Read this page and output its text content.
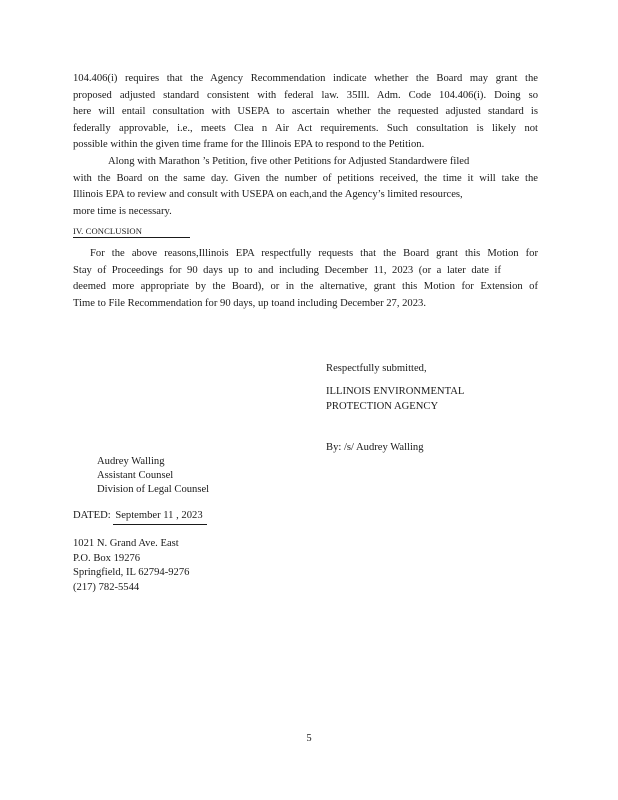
104.406(i) requires that the Agency Recommendation indicate whether the Board may grant the
proposed adjusted standard consistent with federal law. 35Ill. Adm. Code 104.406(i). Doing so
here will entail consultation with USEPA to ascertain whether the requested adjusted standard is
federally approvable, i.e., meets Clea n Air Act requirements. Such consultation is likely not
possible within the given time frame for the Illinois EPA to respond to the Petition.
Along with Marathon ’s Petition, five other Petitions for Adjusted Standardwere filed
with the Board on the same day. Given the number of petitions received, the time it will take the
Illinois EPA to review and consult with USEPA on each,and the Agency’s limited resources,
more time is necessary.
IV. CONCLUSION
For the above reasons,Illinois EPA respectfully requests that the Board grant this Motion for
Stay of Proceedings for 90 days up to and including December 11, 2023 (or a later date if
deemed more appropriate by the Board), or in the alternative, grant this Motion for Extension of
Time to File Recommendation for 90 days, up toand including December 27, 2023.
Respectfully submitted,
ILLINOIS ENVIRONMENTAL
PROTECTION AGENCY
By: /s/ Audrey Walling
Audrey Walling
Assistant Counsel
Division of Legal Counsel
DATED: September 11 , 2023
1021 N. Grand Ave. East
P.O. Box 19276
Springfield, IL 62794-9276
(217) 782-5544
5
